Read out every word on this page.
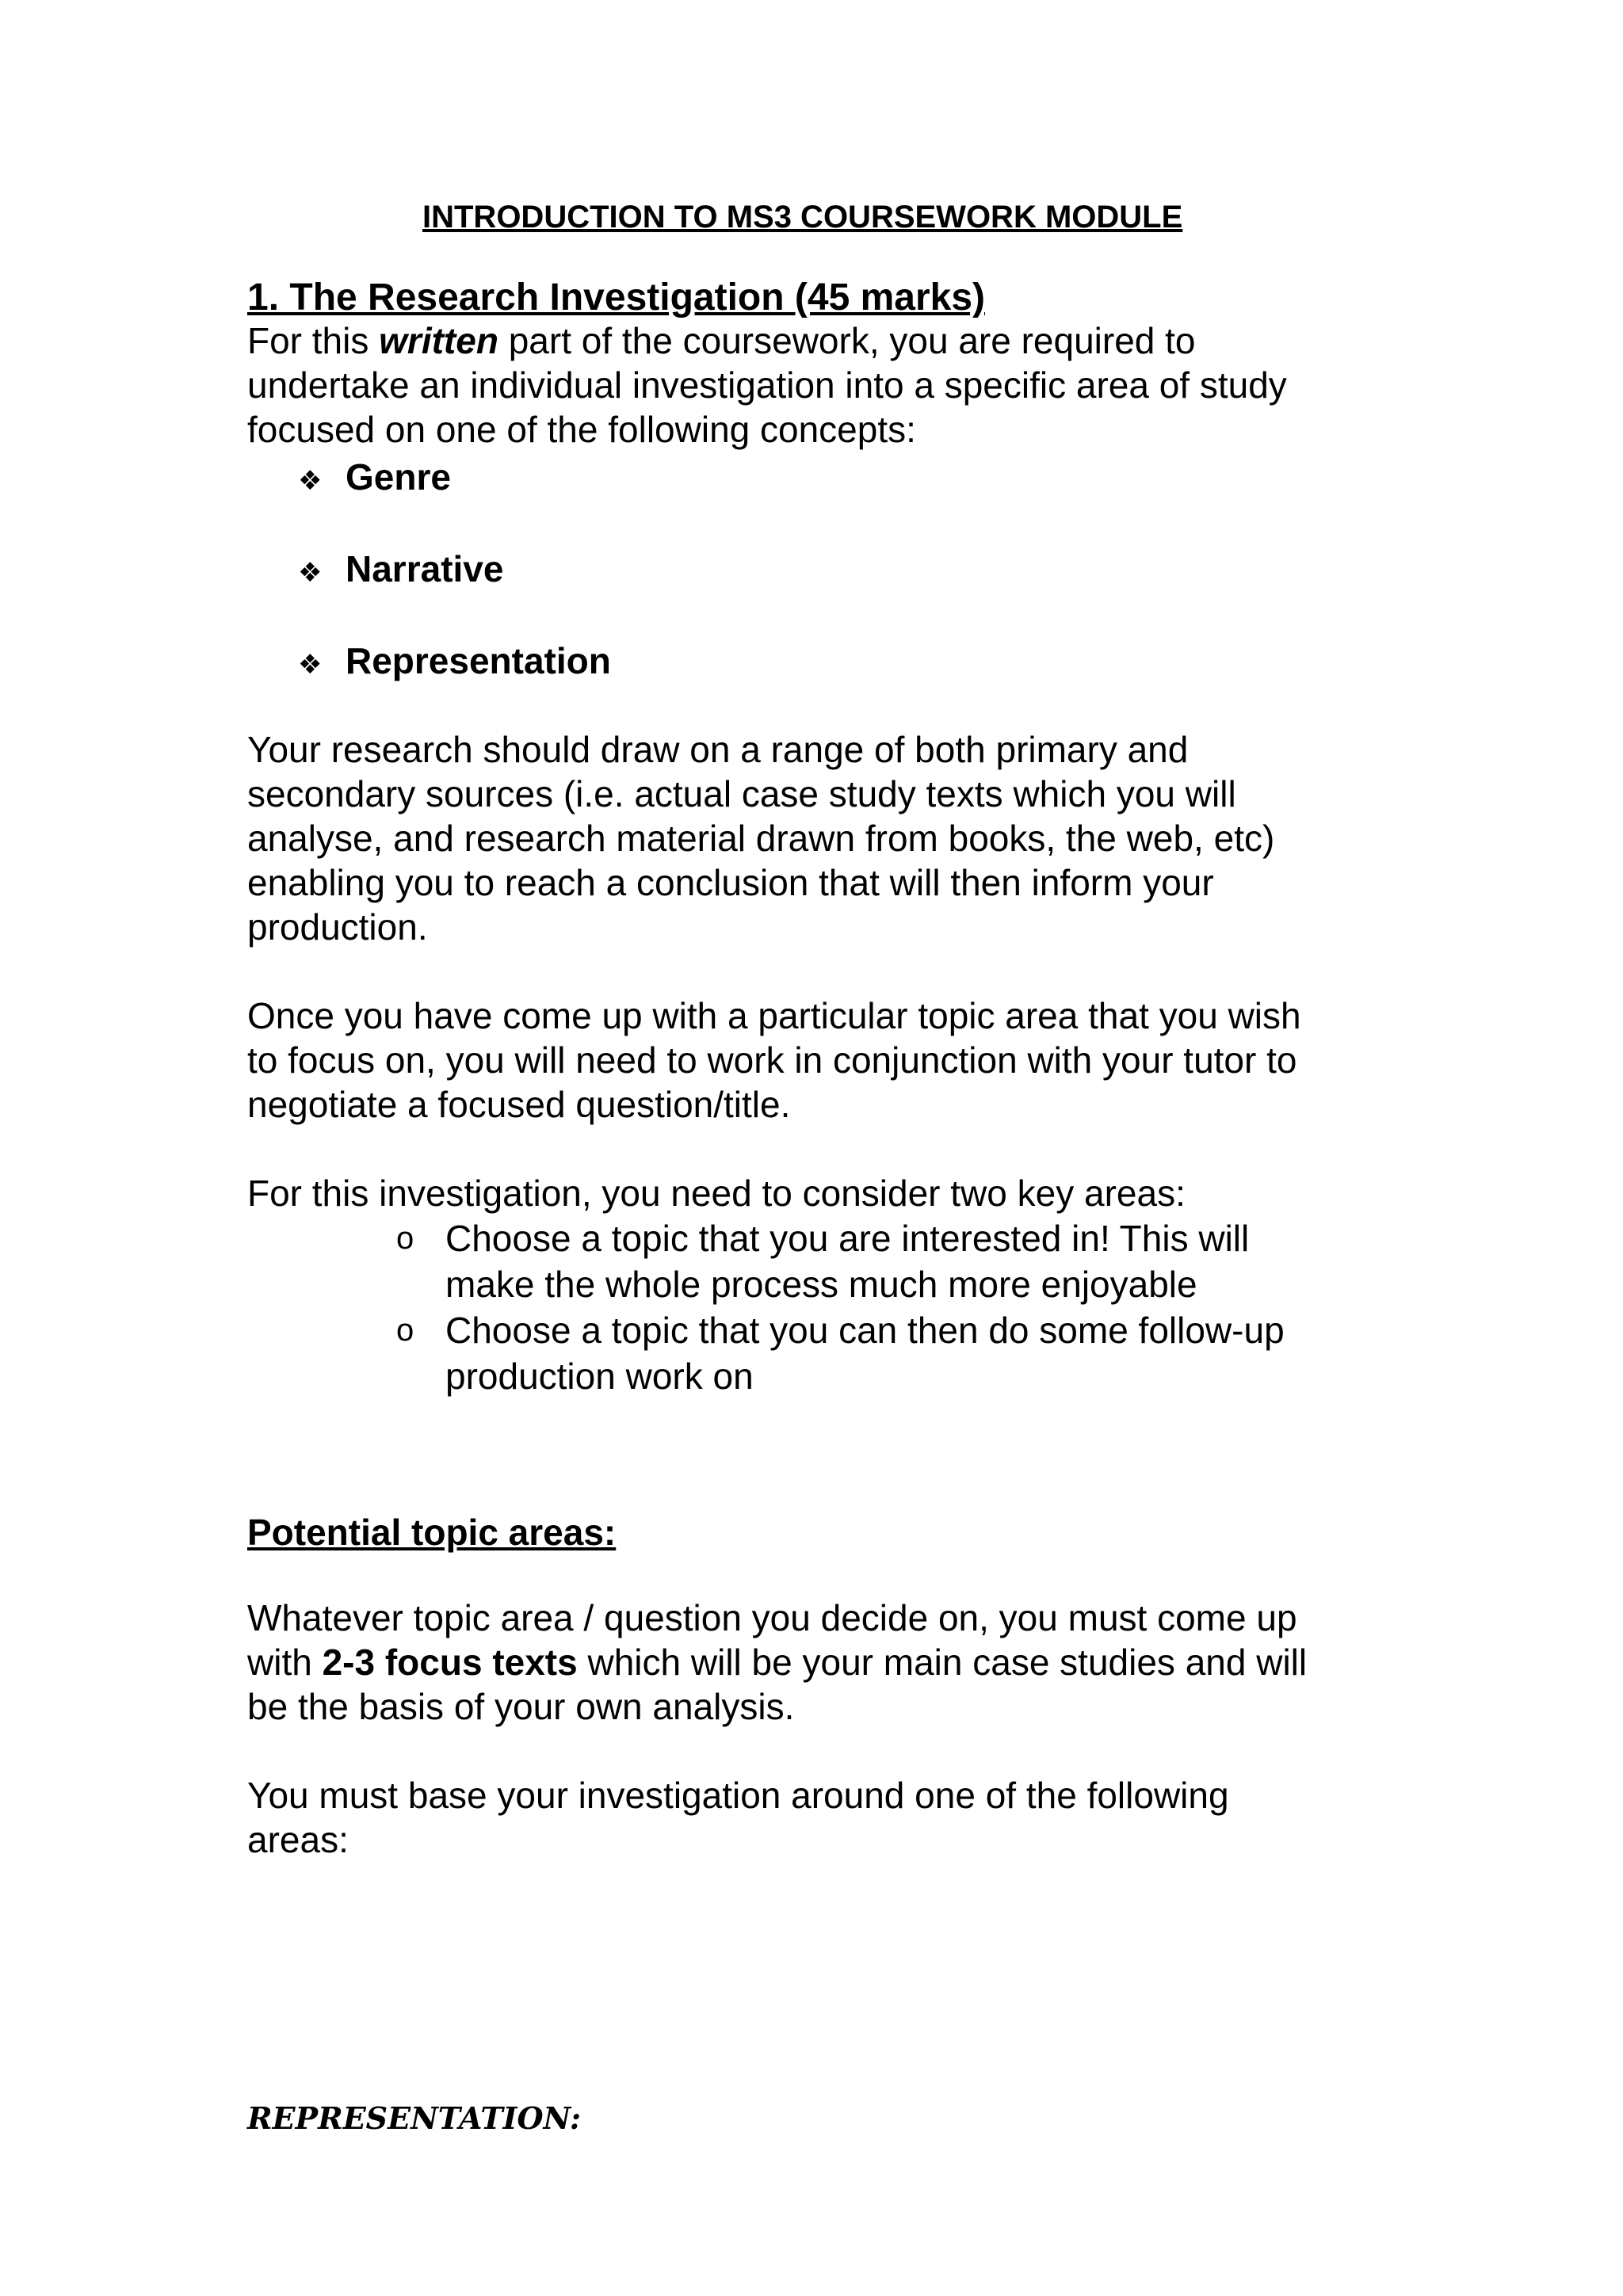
INTRODUCTION TO MS3 COURSEWORK MODULE

1. The Research Investigation (45 marks)

For this written part of the coursework, you are required to
undertake an individual investigation into a specific area of study
focused on one of the following concepts:
❖ Genre
❖ Narrative
❖ Representation
Your research should draw on a range of both primary and
secondary sources (i.e. actual case study texts which you will
analyse, and research material drawn from books, the web, etc)
enabling you to reach a conclusion that will then inform your
production.
Once you have come up with a particular topic area that you wish
to focus on, you will need to work in conjunction with your tutor to
negotiate a focused question/title.
For this investigation, you need to consider two key areas:
o Choose a topic that you are interested in! This will
make the whole process much more enjoyable
o Choose a topic that you can then do some follow-up
production work on

Potential topic areas:

Whatever topic area / question you decide on, you must come up
with 2-3 focus texts which will be your main case studies and will
be the basis of your own analysis.
You must base your investigation around one of the following
areas:

REPRESENTATION:
